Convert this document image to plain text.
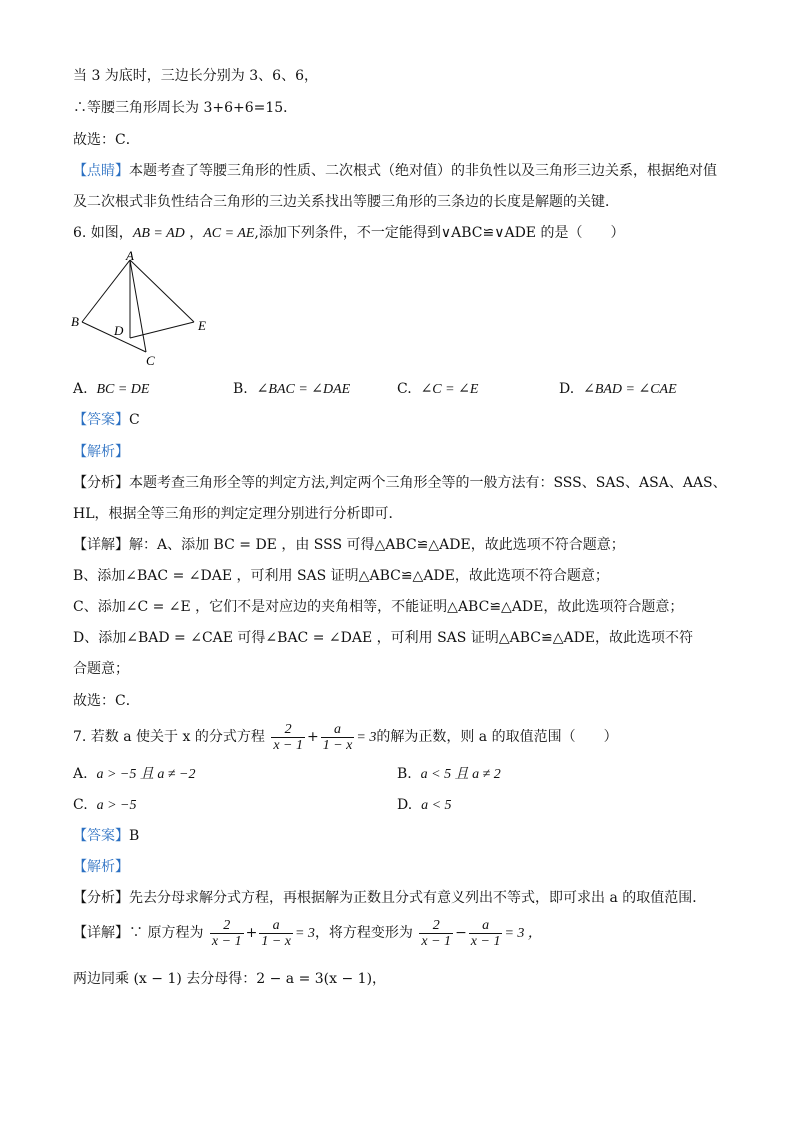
当 3 为底时，三边长分别为 3、6、6，
∴等腰三角形周长为 3+6+6=15．
故选：C．
【点睛】本题考查了等腰三角形的性质、二次根式（绝对值）的非负性以及三角形三边关系，根据绝对值
及二次根式非负性结合三角形的三边关系找出等腰三角形的三条边的长度是解题的关键．
6. 如图，AB = AD ，AC = AE,添加下列条件，不一定能得到∨ABC≌∨ADE 的是（　　）
A
B
D
C
E
A. BC = DE	B. ∠BAC = ∠DAE	C. ∠C = ∠E	D. ∠BAD = ∠CAE
【答案】C
【解析】
【分析】本题考查三角形全等的判定方法,判定两个三角形全等的一般方法有：SSS、SAS、ASA、AAS、
HL，根据全等三角形的判定定理分别进行分析即可．
【详解】解：A、添加 BC = DE ，由 SSS 可得△ABC≌△ADE，故此选项不符合题意；
B、添加∠BAC = ∠DAE ，可利用 SAS 证明△ABC≌△ADE，故此选项不符合题意；
C、添加∠C = ∠E ，它们不是对应边的夹角相等，不能证明△ABC≌△ADE，故此选项符合题意；
D、添加∠BAD = ∠CAE 可得∠BAC = ∠DAE ，可利用 SAS 证明△ABC≌△ADE，故此选项不符
合题意；
故选：C．
7. 若数 a 使关于 x 的分式方程 $\frac{2}{x - 1} + \frac{a}{1 - x} = 3$的解为正数，则 a 的取值范围（　　）
A. a > −5 且 a ≠ −2	B. a < 5 且 a ≠ 2
C. a > −5	D. a < 5
【答案】B
【解析】
【分析】先去分母求解分式方程，再根据解为正数且分式有意义列出不等式，即可求出 a 的取值范围．
【详解】∵ 原方程为 $\frac{2}{x - 1} + \frac{a}{1 - x} = 3$，将方程变形为 $\frac{2}{x - 1} - \frac{a}{x - 1} = 3$ ，
两边同乘 (x − 1) 去分母得：2 − a = 3(x − 1)，
